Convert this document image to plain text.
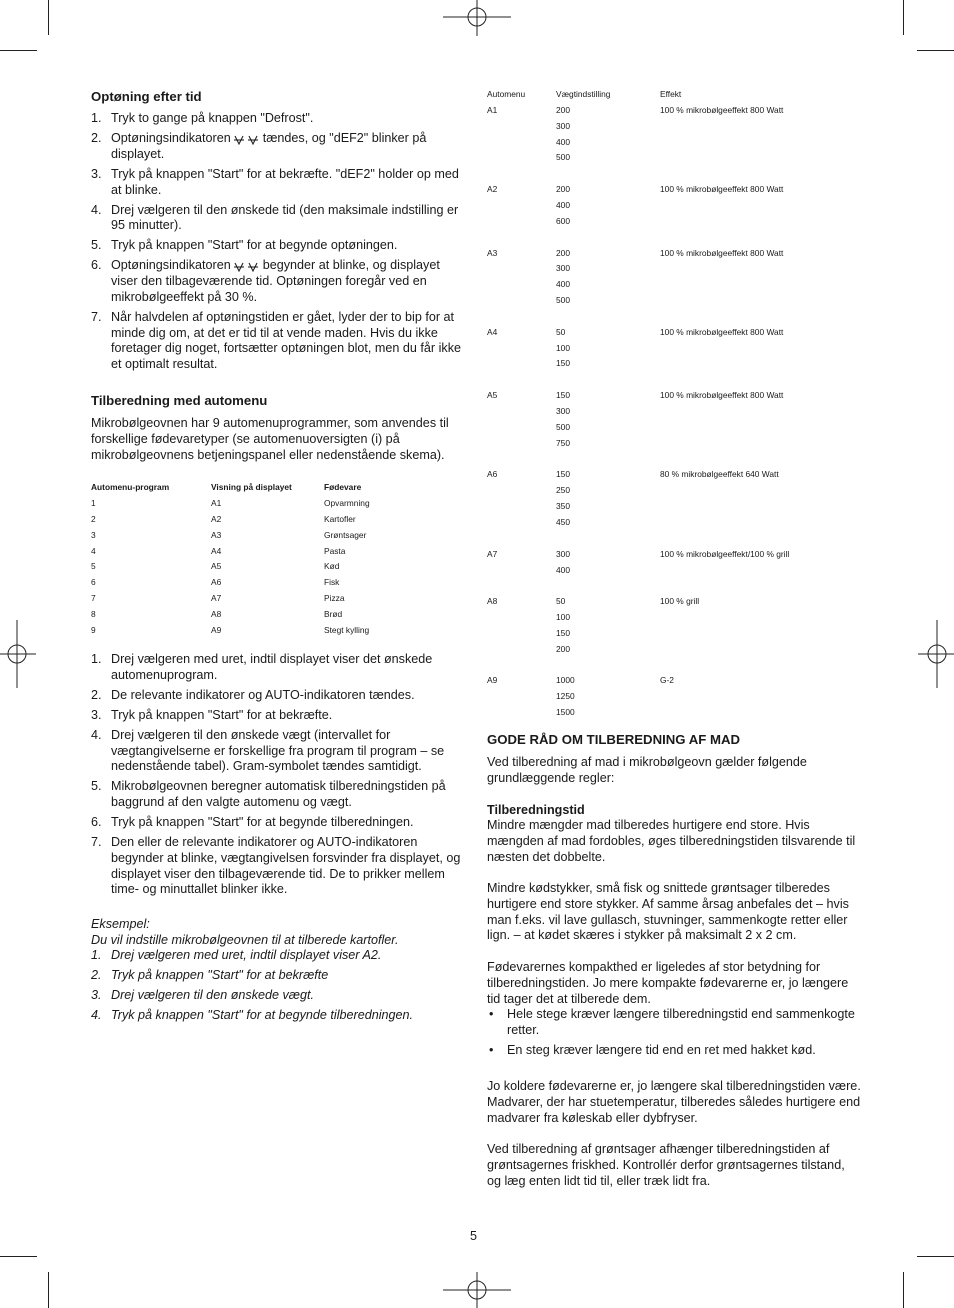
Optøning efter tid
1. Tryk to gange på knappen "Defrost".
2. Optøningsindikatoren	tændes, og "dEF2" blinker på displayet.
3. Tryk på knappen "Start" for at bekræfte. "dEF2" holder op med at blinke.
4. Drej vælgeren til den ønskede tid (den maksimale indstilling er 95 minutter).
5. Tryk på knappen "Start" for at begynde optøningen.
6. Optøningsindikatoren	begynder at blinke, og displayet viser den tilbageværende tid. Optøningen foregår ved en mikrobølgeeffekt på 30 %.
7. Når halvdelen af optøningstiden er gået, lyder der to bip for at minde dig om, at det er tid til at vende maden. Hvis du ikke foretager dig noget, fortsætter optøningen blot, men du får ikke et optimalt resultat.
Tilberedning med automenu

Mikrobølgeovnen har 9 automenuprogrammer, som anvendes til forskellige fødevaretyper (se automenuoversigten (i) på mikrobølgeovnens betjeningspanel eller nedenstående skema).

Automenu-program	Visning på displayet	Fødevare
1	A1	Opvarmning
2	A2	Kartofler
3	A3	Grøntsager
4	A4	Pasta
5	A5	Kød
6	A6	Fisk
7	A7	Pizza
8	A8	Brød
9	A9	Stegt kylling
1. Drej vælgeren med uret, indtil displayet viser det ønskede automenuprogram.
2. De relevante indikatorer og AUTO-indikatoren tændes.
3. Tryk på knappen "Start" for at bekræfte.
4. Drej vælgeren til den ønskede vægt (intervallet for vægtangivelserne er forskellige fra program til program – se nedenstående tabel). Gram-symbolet tændes samtidigt.
5. Mikrobølgeovnen beregner automatisk tilberedningstiden på baggrund af den valgte automenu og vægt.
6. Tryk på knappen "Start" for at begynde tilberedningen.
7. Den eller de relevante indikatorer og AUTO-indikatoren begynder at blinke, vægtangivelsen forsvinder fra displayet, og displayet viser den tilbageværende tid. De to prikker mellem time- og minuttallet blinker ikke.

Eksempel:

Du vil indstille mikrobølgeovnen til at tilberede kartofler.

1. Drej vælgeren med uret, indtil displayet viser A2.
2. Tryk på knappen "Start" for at bekræfte
3. Drej vælgeren til den ønskede vægt.
4. Tryk på knappen "Start" for at begynde tilberedningen.
Automenu	Vægtindstilling	Effekt
A1	200	100 % mikrobølgeeffekt 800 Watt
300
400
500
A2	200	100 % mikrobølgeeffekt 800 Watt
400
600
A3	200	100 % mikrobølgeeffekt 800 Watt
300
400
500
A4	50	100 % mikrobølgeeffekt 800 Watt
100
150
A5	150	100 % mikrobølgeeffekt 800 Watt
300
500
750
A6	150	80 % mikrobølgeeffekt 640 Watt
250
350
450
A7	300	100 % mikrobølgeeffekt/100 % grill
400
A8	50	100 % grill
100
150
200
A9	1000	G-2
1250
1500
GODE RÅD OM TILBEREDNING AF MAD

Ved tilberedning af mad i mikrobølgeovn gælder følgende grundlæggende regler:

Tilberedningstid

Mindre mængder mad tilberedes hurtigere end store. Hvis mængden af mad fordobles, øges tilberedningstiden tilsvarende til næsten det dobbelte.

Mindre kødstykker, små fisk og snittede grøntsager tilberedes hurtigere end store stykker. Af samme årsag anbefales det – hvis man f.eks. vil lave gullasch, stuvninger, sammenkogte retter eller lign. – at kødet skæres i stykker på maksimalt 2 x 2 cm.

Fødevarernes kompakthed er ligeledes af stor betydning for tilberedningstiden. Jo mere kompakte fødevarerne er, jo længere tid tager det at tilberede dem.

• Hele stege kræver længere tilberedningstid end sammenkogte retter.
• En steg kræver længere tid end en ret med hakket kød.

Jo koldere fødevarerne er, jo længere skal tilberedningstiden være. Madvarer, der har stuetemperatur, tilberedes således hurtigere end madvarer fra køleskab eller dybfryser.

Ved tilberedning af grøntsager afhænger tilberedningstiden af grøntsagernes friskhed. Kontrollér derfor grøntsagernes tilstand, og læg enten lidt tid til, eller træk lidt fra.

5
